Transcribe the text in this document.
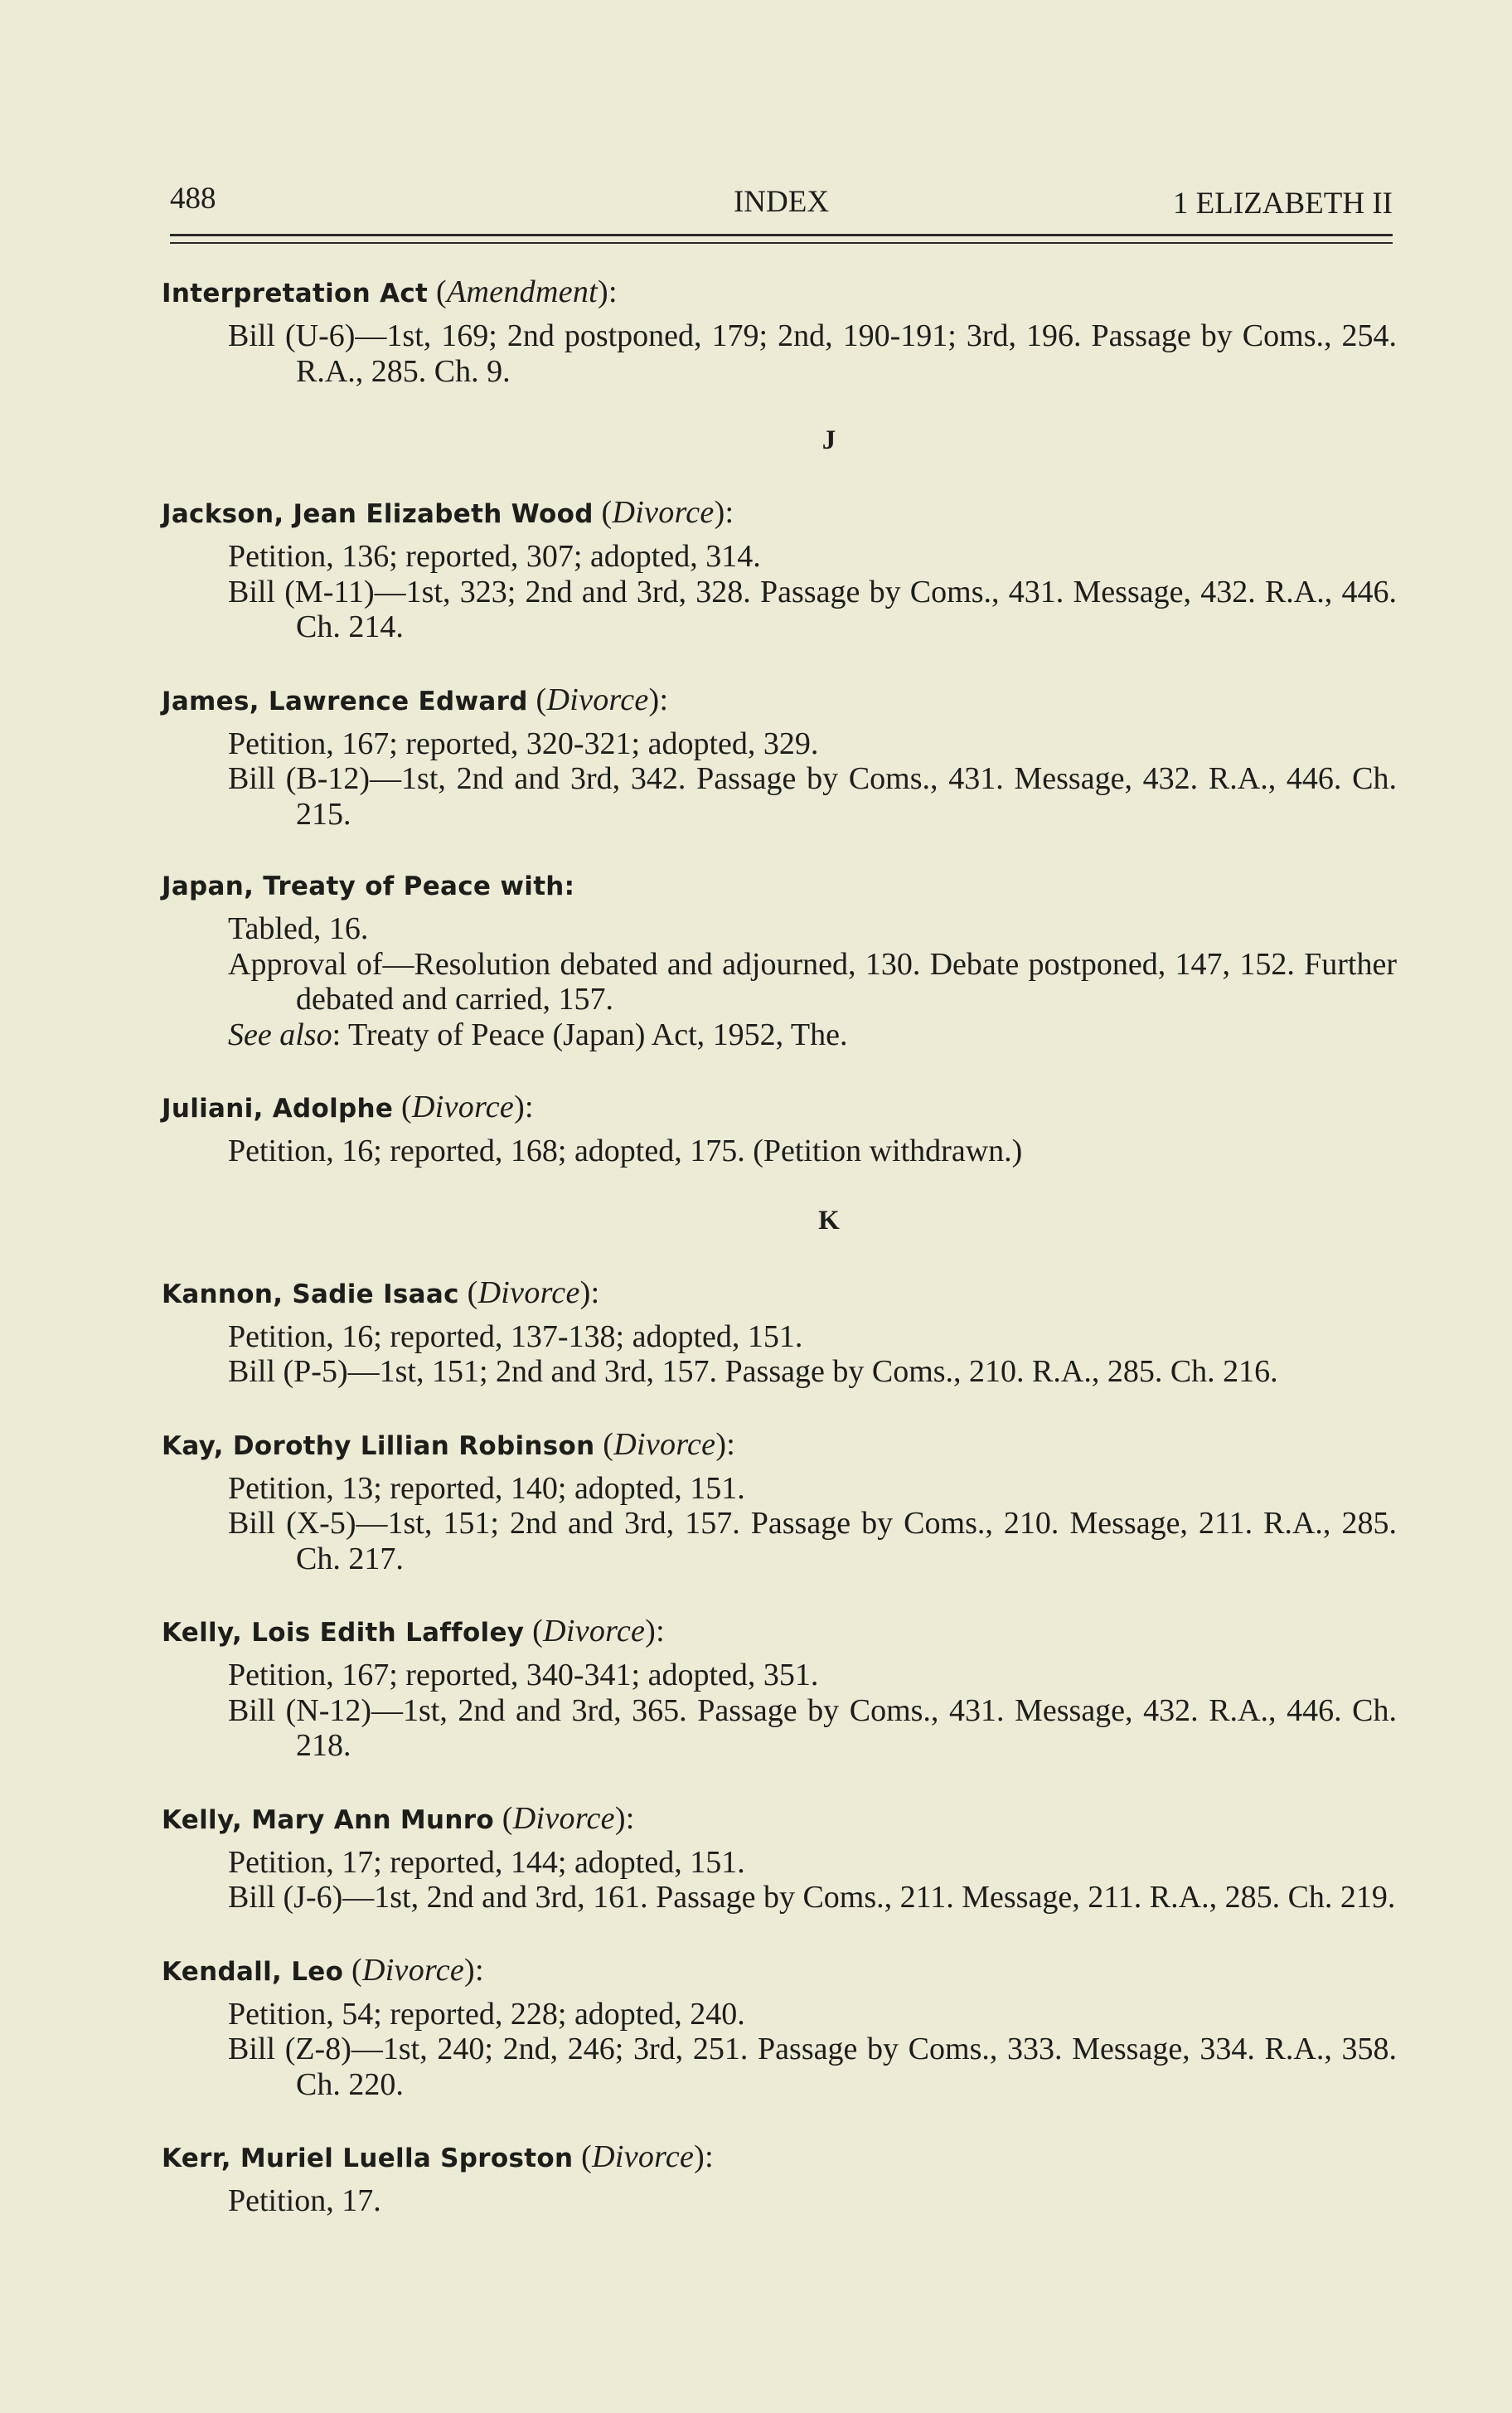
488	INDEX	1 ELIZABETH II
Interpretation Act (Amendment):
Bill (U-6)—1st, 169; 2nd postponed, 179; 2nd, 190-191; 3rd, 196. Passage by Coms., 254. R.A., 285. Ch. 9.
J
Jackson, Jean Elizabeth Wood (Divorce):
Petition, 136; reported, 307; adopted, 314.
Bill (M-11)—1st, 323; 2nd and 3rd, 328. Passage by Coms., 431. Message, 432. R.A., 446. Ch. 214.
James, Lawrence Edward (Divorce):
Petition, 167; reported, 320-321; adopted, 329.
Bill (B-12)—1st, 2nd and 3rd, 342. Passage by Coms., 431. Message, 432. R.A., 446. Ch. 215.
Japan, Treaty of Peace with:
Tabled, 16.
Approval of—Resolution debated and adjourned, 130. Debate postponed, 147, 152. Further debated and carried, 157.
See also: Treaty of Peace (Japan) Act, 1952, The.
Juliani, Adolphe (Divorce):
Petition, 16; reported, 168; adopted, 175. (Petition withdrawn.)
K
Kannon, Sadie Isaac (Divorce):
Petition, 16; reported, 137-138; adopted, 151.
Bill (P-5)—1st, 151; 2nd and 3rd, 157. Passage by Coms., 210. R.A., 285. Ch. 216.
Kay, Dorothy Lillian Robinson (Divorce):
Petition, 13; reported, 140; adopted, 151.
Bill (X-5)—1st, 151; 2nd and 3rd, 157. Passage by Coms., 210. Message, 211. R.A., 285. Ch. 217.
Kelly, Lois Edith Laffoley (Divorce):
Petition, 167; reported, 340-341; adopted, 351.
Bill (N-12)—1st, 2nd and 3rd, 365. Passage by Coms., 431. Message, 432. R.A., 446. Ch. 218.
Kelly, Mary Ann Munro (Divorce):
Petition, 17; reported, 144; adopted, 151.
Bill (J-6)—1st, 2nd and 3rd, 161. Passage by Coms., 211. Message, 211. R.A., 285. Ch. 219.
Kendall, Leo (Divorce):
Petition, 54; reported, 228; adopted, 240.
Bill (Z-8)—1st, 240; 2nd, 246; 3rd, 251. Passage by Coms., 333. Message, 334. R.A., 358. Ch. 220.
Kerr, Muriel Luella Sproston (Divorce):
Petition, 17.
